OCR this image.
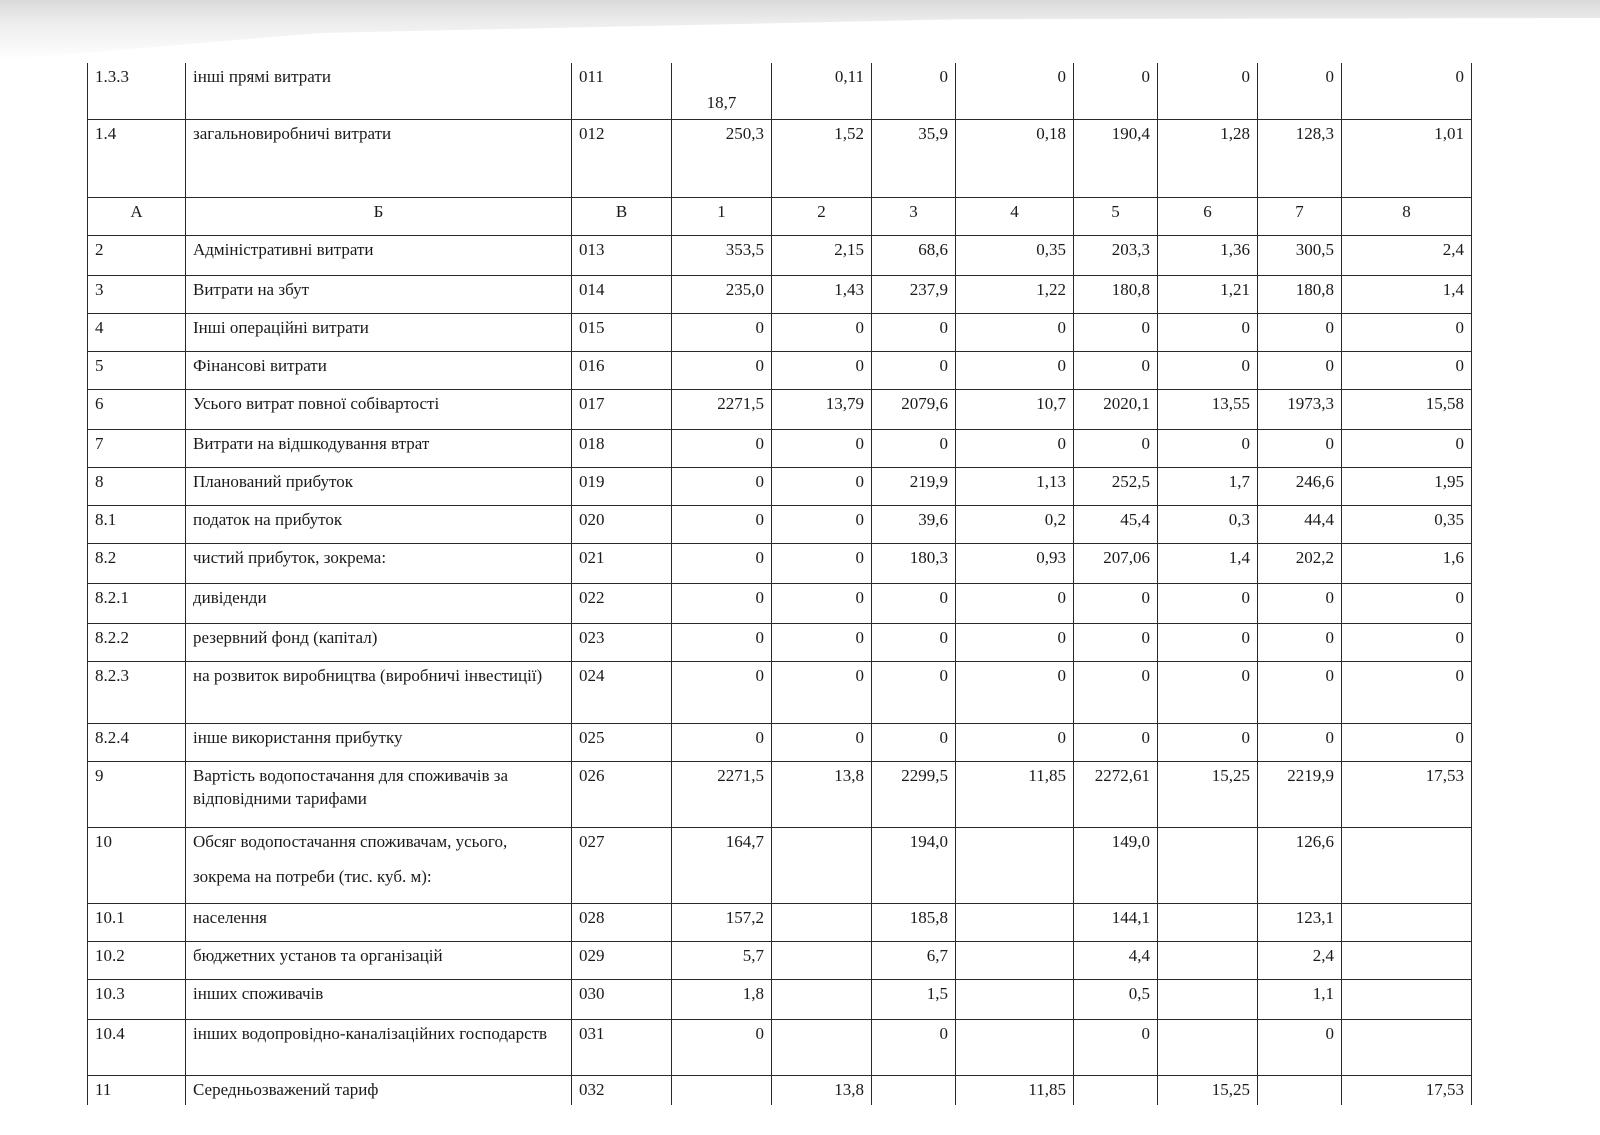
1.3.3	інші прямі витрати	011	18,7	0,11	0	0	0	0	0	0
1.4	загальновиробничі витрати	012	250,3	1,52	35,9	0,18	190,4	1,28	128,3	1,01
А	Б	В	1	2	3	4	5	6	7	8
2	Адміністративні витрати	013	353,5	2,15	68,6	0,35	203,3	1,36	300,5	2,4
3	Витрати на збут	014	235,0	1,43	237,9	1,22	180,8	1,21	180,8	1,4
4	Інші операційні витрати	015	0	0	0	0	0	0	0	0
5	Фінансові витрати	016	0	0	0	0	0	0	0	0
6	Усього витрат повної собівартості	017	2271,5	13,79	2079,6	10,7	2020,1	13,55	1973,3	15,58
7	Витрати на відшкодування втрат	018	0	0	0	0	0	0	0	0
8	Планований прибуток	019	0	0	219,9	1,13	252,5	1,7	246,6	1,95
8.1	податок на прибуток	020	0	0	39,6	0,2	45,4	0,3	44,4	0,35
8.2	чистий прибуток, зокрема:	021	0	0	180,3	0,93	207,06	1,4	202,2	1,6
8.2.1	дивіденди	022	0	0	0	0	0	0	0	0
8.2.2	резервний фонд (капітал)	023	0	0	0	0	0	0	0	0
8.2.3	на розвиток виробництва (виробничі інвестиції)	024	0	0	0	0	0	0	0	0
8.2.4	інше використання прибутку	025	0	0	0	0	0	0	0	0
9	Вартість водопостачання для споживачів за відповідними тарифами	026	2271,5	13,8	2299,5	11,85	2272,61	15,25	2219,9	17,53
10	Обсяг водопостачання споживачам, усього,
зокрема на потреби (тис. куб. м):	027	164,7		194,0		149,0		126,6	
10.1	населення	028	157,2		185,8		144,1		123,1	
10.2	бюджетних установ та організацій	029	5,7		6,7		4,4		2,4	
10.3	інших споживачів	030	1,8		1,5		0,5		1,1	
10.4	інших водопровідно-каналізаційних господарств	031	0		0		0		0	
11	Середньозважений тариф	032		13,8		11,85		15,25		17,53
